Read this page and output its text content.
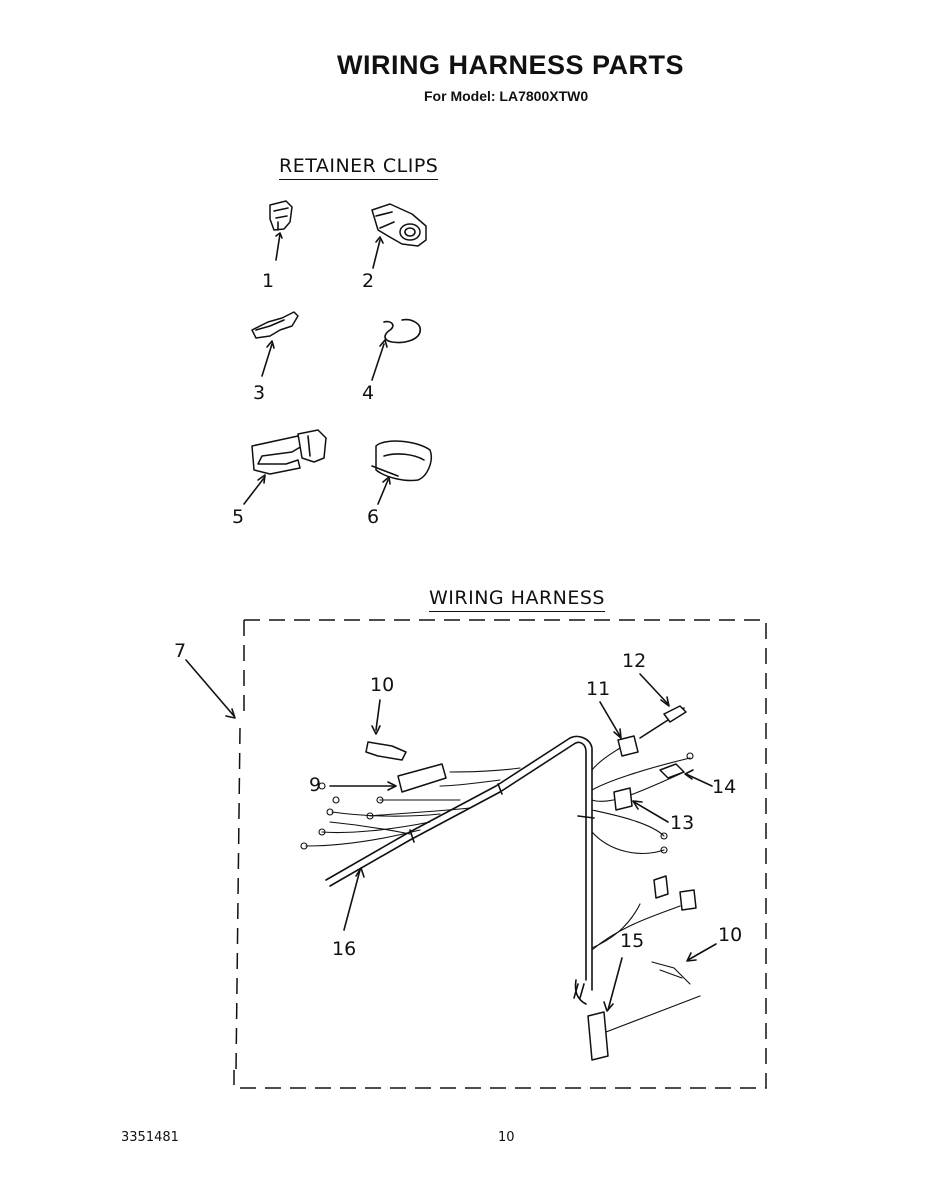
WIRING HARNESS PARTS
For Model: LA7800XTW0
RETAINER CLIPS
WIRING HARNESS
1	2
3	4
5	6
7
10
9
11
12
14
13
16	15	10
3351481	10
